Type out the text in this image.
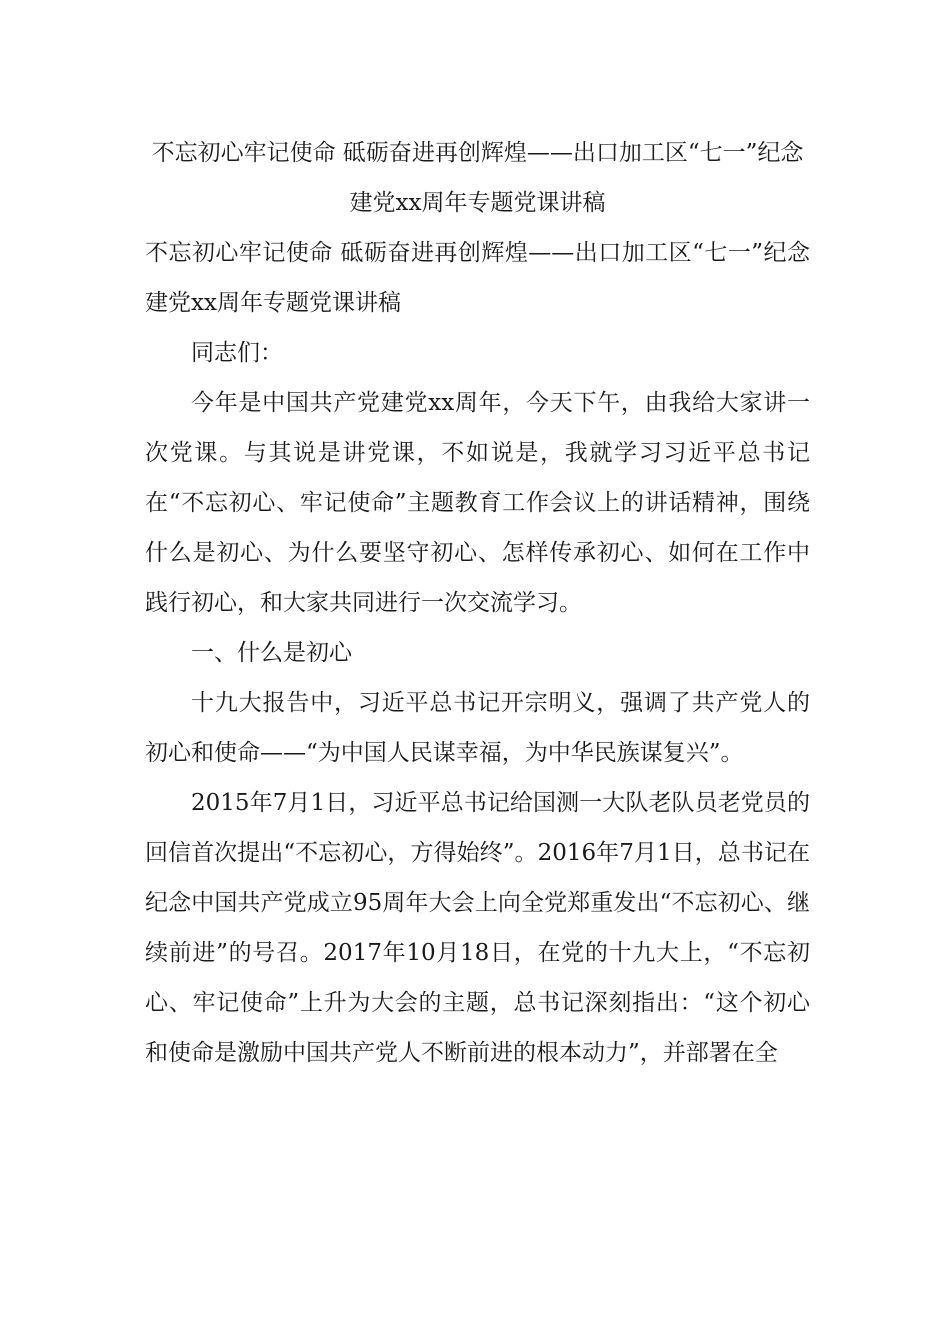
不忘初心牢记使命 砥砺奋进再创辉煌——出口加工区“七一”纪念建党xx周年专题党课讲稿

不忘初心牢记使命 砥砺奋进再创辉煌——出口加工区“七一”纪念建党xx周年专题党课讲稿

同志们：

今年是中国共产党建党xx周年，今天下午，由我给大家讲一次党课。与其说是讲党课，不如说是，我就学习习近平总书记在“不忘初心、牢记使命”主题教育工作会议上的讲话精神，围绕什么是初心、为什么要坚守初心、怎样传承初心、如何在工作中践行初心，和大家共同进行一次交流学习。

一、什么是初心

十九大报告中，习近平总书记开宗明义，强调了共产党人的初心和使命——“为中国人民谋幸福，为中华民族谋复兴”。

2015年7月1日，习近平总书记给国测一大队老队员老党员的回信首次提出“不忘初心，方得始终”。2016年7月1日，总书记在纪念中国共产党成立95周年大会上向全党郑重发出“不忘初心、继续前进”的号召。2017年10月18日，在党的十九大上，“不忘初心、牢记使命”上升为大会的主题，总书记深刻指出：“这个初心和使命是激励中国共产党人不断前进的根本动力”，并部署在全
